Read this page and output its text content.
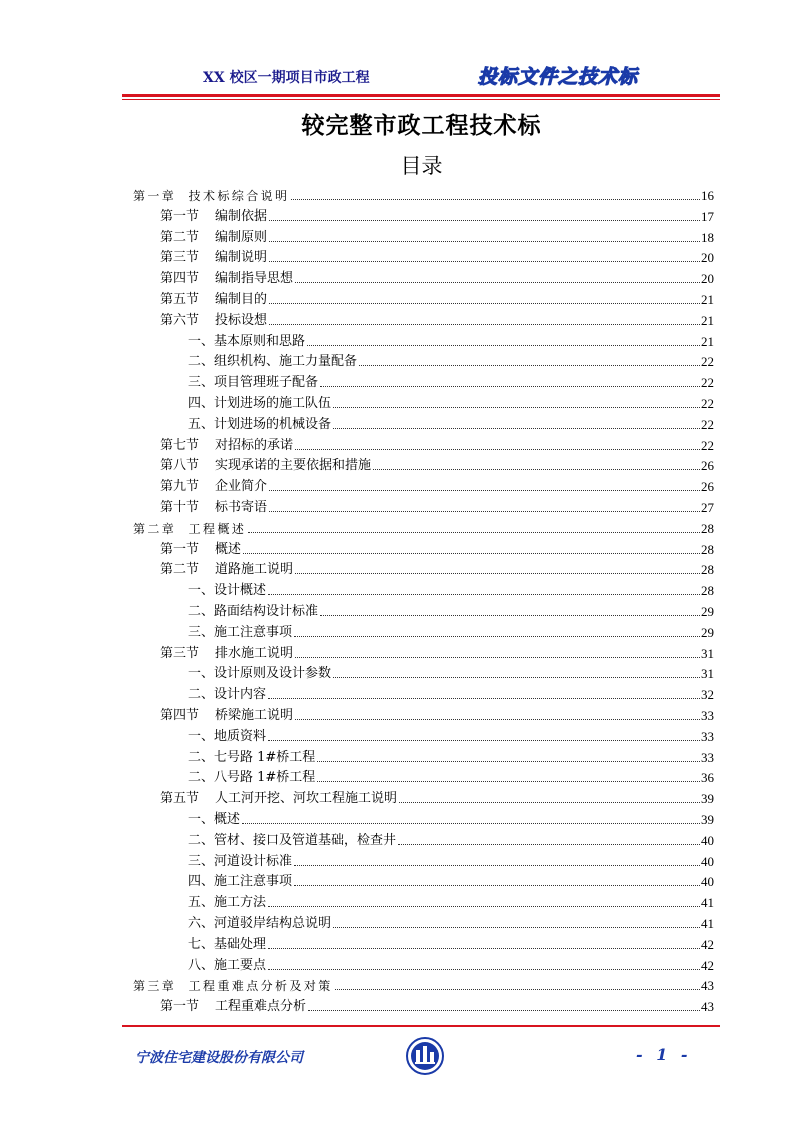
XX 校区一期项目市政工程	投标文件之技术标
较完整市政工程技术标
目录
第一章 技术标综合说明	16
第一节 编制依据	17
第二节 编制原则	18
第三节 编制说明	20
第四节 编制指导思想	20
第五节 编制目的	21
第六节 投标设想	21
一、基本原则和思路	21
二、组织机构、施工力量配备	22
三、项目管理班子配备	22
四、计划进场的施工队伍	22
五、计划进场的机械设备	22
第七节 对招标的承诺	22
第八节 实现承诺的主要依据和措施	26
第九节 企业简介	26
第十节 标书寄语	27
第二章 工程概述	28
第一节 概述	28
第二节 道路施工说明	28
一、设计概述	28
二、路面结构设计标准	29
三、施工注意事项	29
第三节 排水施工说明	31
一、设计原则及设计参数	31
二、设计内容	32
第四节 桥梁施工说明	33
一、地质资料	33
二、七号路 1#桥工程	33
二、八号路 1#桥工程	36
第五节 人工河开挖、河坎工程施工说明	39
一、概述	39
二、管材、接口及管道基础，检查井	40
三、河道设计标准	40
四、施工注意事项	40
五、施工方法	41
六、河道驳岸结构总说明	41
七、基础处理	42
八、施工要点	42
第三章 工程重难点分析及对策	43
第一节 工程重难点分析	43
宁波住宅建设股份有限公司	- 1 -
